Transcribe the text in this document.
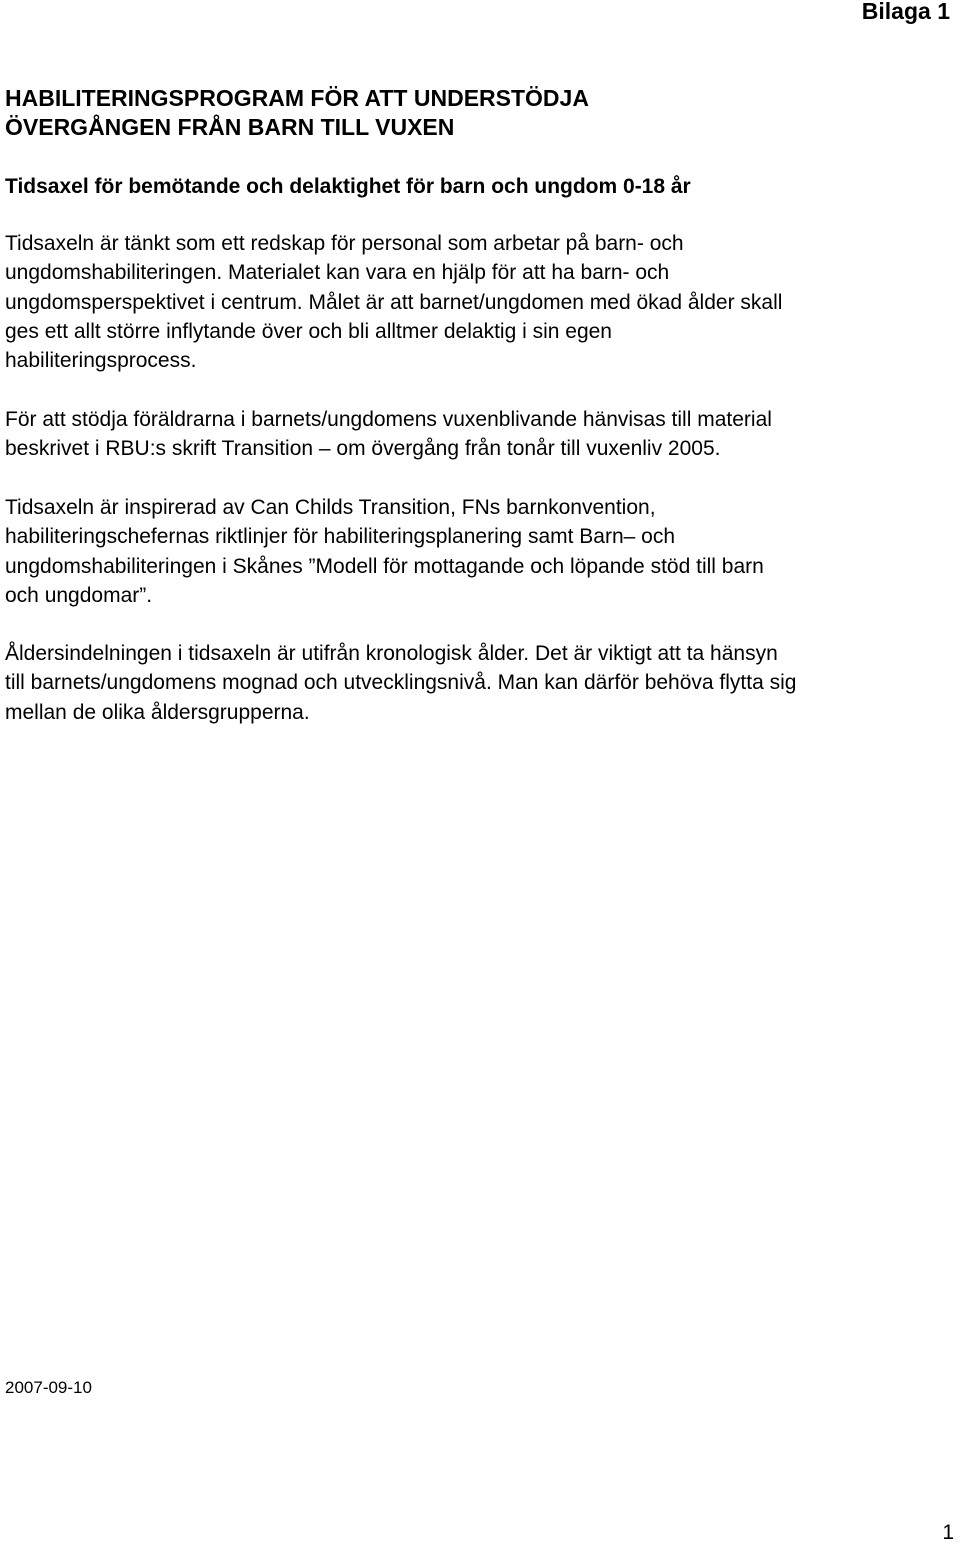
Bilaga 1
HABILITERINGSPROGRAM FÖR ATT UNDERSTÖDJA
ÖVERGÅNGEN FRÅN BARN TILL VUXEN
Tidsaxel för bemötande och delaktighet för barn och ungdom 0-18 år
Tidsaxeln är tänkt som ett redskap för personal som arbetar på barn- och
ungdomshabiliteringen. Materialet kan vara en hjälp för att ha barn- och
ungdomsperspektivet i centrum. Målet är att barnet/ungdomen med ökad ålder skall
ges ett allt större inflytande över och bli alltmer delaktig i sin egen
habiliteringsprocess.
För att stödja föräldrarna i barnets/ungdomens vuxenblivande hänvisas till material
beskrivet i RBU:s skrift Transition – om övergång från tonår till vuxenliv 2005.
Tidsaxeln är inspirerad av Can Childs Transition, FNs barnkonvention,
habiliteringschefernas riktlinjer för habiliteringsplanering samt Barn– och
ungdomshabiliteringen i Skånes ”Modell för mottagande och löpande stöd till barn
och ungdomar”.
Åldersindelningen i tidsaxeln är utifrån kronologisk ålder. Det är viktigt att ta hänsyn
till barnets/ungdomens mognad och utvecklingsnivå. Man kan därför behöva flytta sig
mellan de olika åldersgrupperna.
2007-09-10
1
